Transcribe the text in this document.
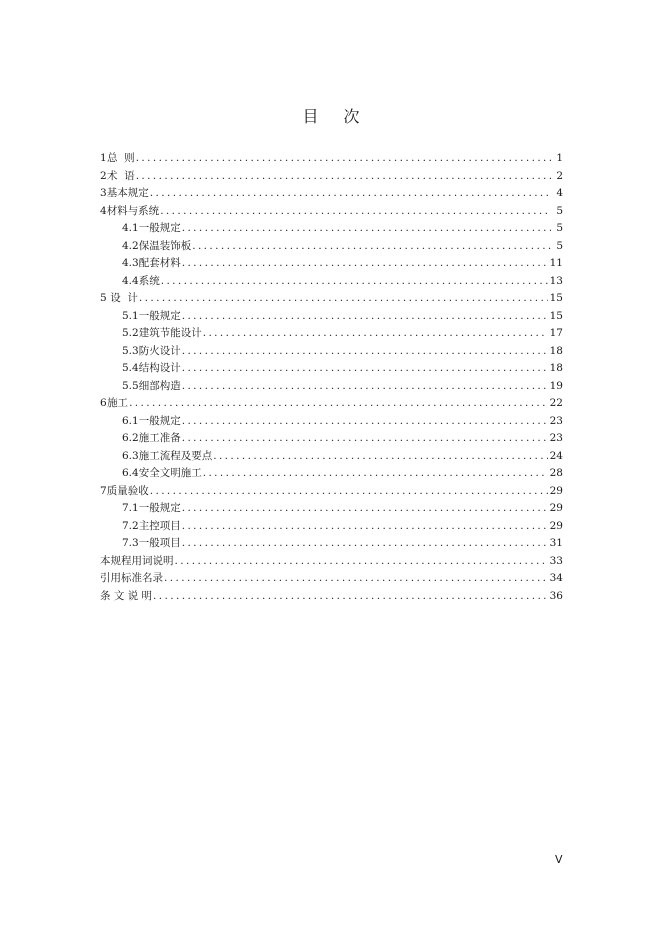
目 次
1 总  则 .....	1
2 术  语 .....	2
3 基本规定 .....	4
4 材料与系统 .....	5
4.1 一般规定 .....	5
4.2 保温装饰板 .....	5
4.3 配套材料 .....	11
4.4 系统 .....	13
5 设  计 .....	15
5.1 一般规定 .....	15
5.2 建筑节能设计 .....	17
5.3 防火设计 .....	18
5.4 结构设计 .....	18
5.5 细部构造 .....	19
6 施工 .....	22
6.1 一般规定 .....	23
6.2 施工准备 .....	23
6.3 施工流程及要点 .....	24
6.4 安全文明施工 .....	28
7 质量验收 .....	29
7.1 一般规定 .....	29
7.2 主控项目 .....	29
7.3 一般项目 .....	31
本规程用词说明 .....	33
引用标准名录 .....	34
条 文 说 明 .....	36
V
